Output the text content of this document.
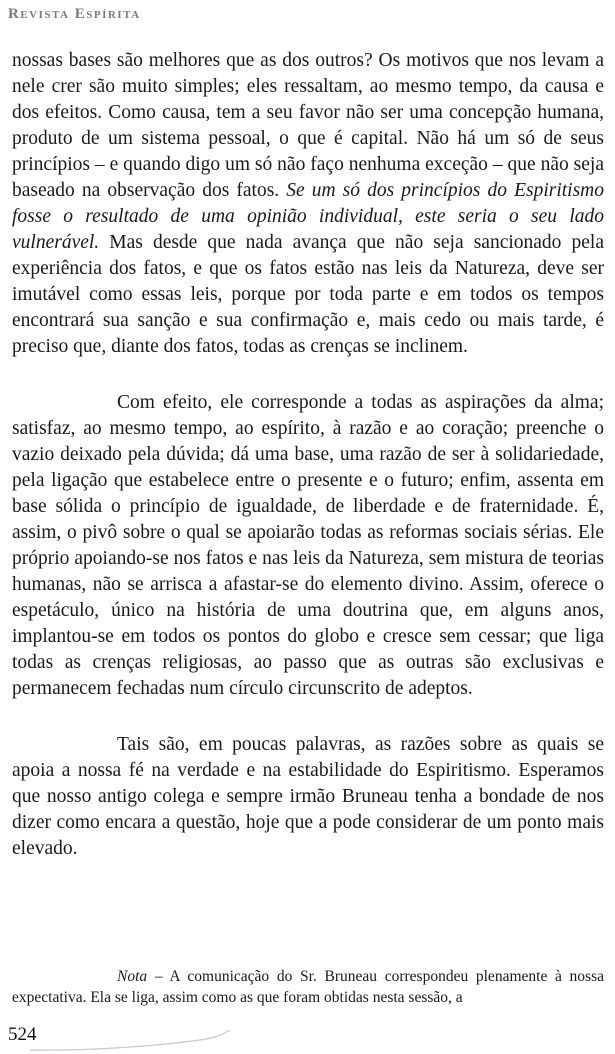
Revista Espírita

nossas bases são melhores que as dos outros? Os motivos que nos levam a nele crer são muito simples; eles ressaltam, ao mesmo tempo, da causa e dos efeitos. Como causa, tem a seu favor não ser uma concepção humana, produto de um sistema pessoal, o que é capital. Não há um só de seus princípios – e quando digo um só não faço nenhuma exceção – que não seja baseado na observação dos fatos. Se um só dos princípios do Espiritismo fosse o resultado de uma opinião individual, este seria o seu lado vulnerável. Mas desde que nada avança que não seja sancionado pela experiência dos fatos, e que os fatos estão nas leis da Natureza, deve ser imutável como essas leis, porque por toda parte e em todos os tempos encontrará sua sanção e sua confirmação e, mais cedo ou mais tarde, é preciso que, diante dos fatos, todas as crenças se inclinem.

Com efeito, ele corresponde a todas as aspirações da alma; satisfaz, ao mesmo tempo, ao espírito, à razão e ao coração; preenche o vazio deixado pela dúvida; dá uma base, uma razão de ser à solidariedade, pela ligação que estabelece entre o presente e o futuro; enfim, assenta em base sólida o princípio de igualdade, de liberdade e de fraternidade. É, assim, o pivô sobre o qual se apoiarão todas as reformas sociais sérias. Ele próprio apoiando-se nos fatos e nas leis da Natureza, sem mistura de teorias humanas, não se arrisca a afastar-se do elemento divino. Assim, oferece o espetáculo, único na história de uma doutrina que, em alguns anos, implantou-se em todos os pontos do globo e cresce sem cessar; que liga todas as crenças religiosas, ao passo que as outras são exclusivas e permanecem fechadas num círculo circunscrito de adeptos.

Tais são, em poucas palavras, as razões sobre as quais se apoia a nossa fé na verdade e na estabilidade do Espiritismo. Esperamos que nosso antigo colega e sempre irmão Bruneau tenha a bondade de nos dizer como encara a questão, hoje que a pode considerar de um ponto mais elevado.

Nota – A comunicação do Sr. Bruneau correspondeu plenamente à nossa expectativa. Ela se liga, assim como as que foram obtidas nesta sessão, a

524
